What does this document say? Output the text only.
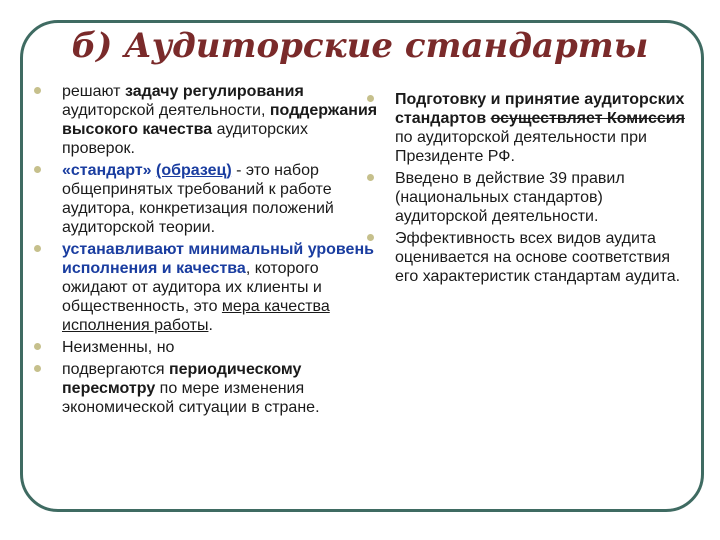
б) Аудиторские стандарты
решают задачу регулирования аудиторской деятельности, поддержания высокого качества аудиторских проверок.
«стандарт» (образец) - это набор общепринятых требований к работе аудитора, конкретизация положений аудиторской теории.
устанавливают минимальный уровень исполнения и качества, которого ожидают от аудитора их клиенты и общественность, это мера качества исполнения работы.
Неизменны, но
подвергаются периодическому пересмотру по мере изменения экономической ситуации в стране.
Подготовку и принятие аудиторских стандартов осуществляет Комиссия по аудиторской деятельности при Президенте РФ.
Введено в действие 39 правил (национальных стандартов) аудиторской деятельности.
Эффективность всех видов аудита оценивается на основе соответствия его характеристик стандартам аудита.
